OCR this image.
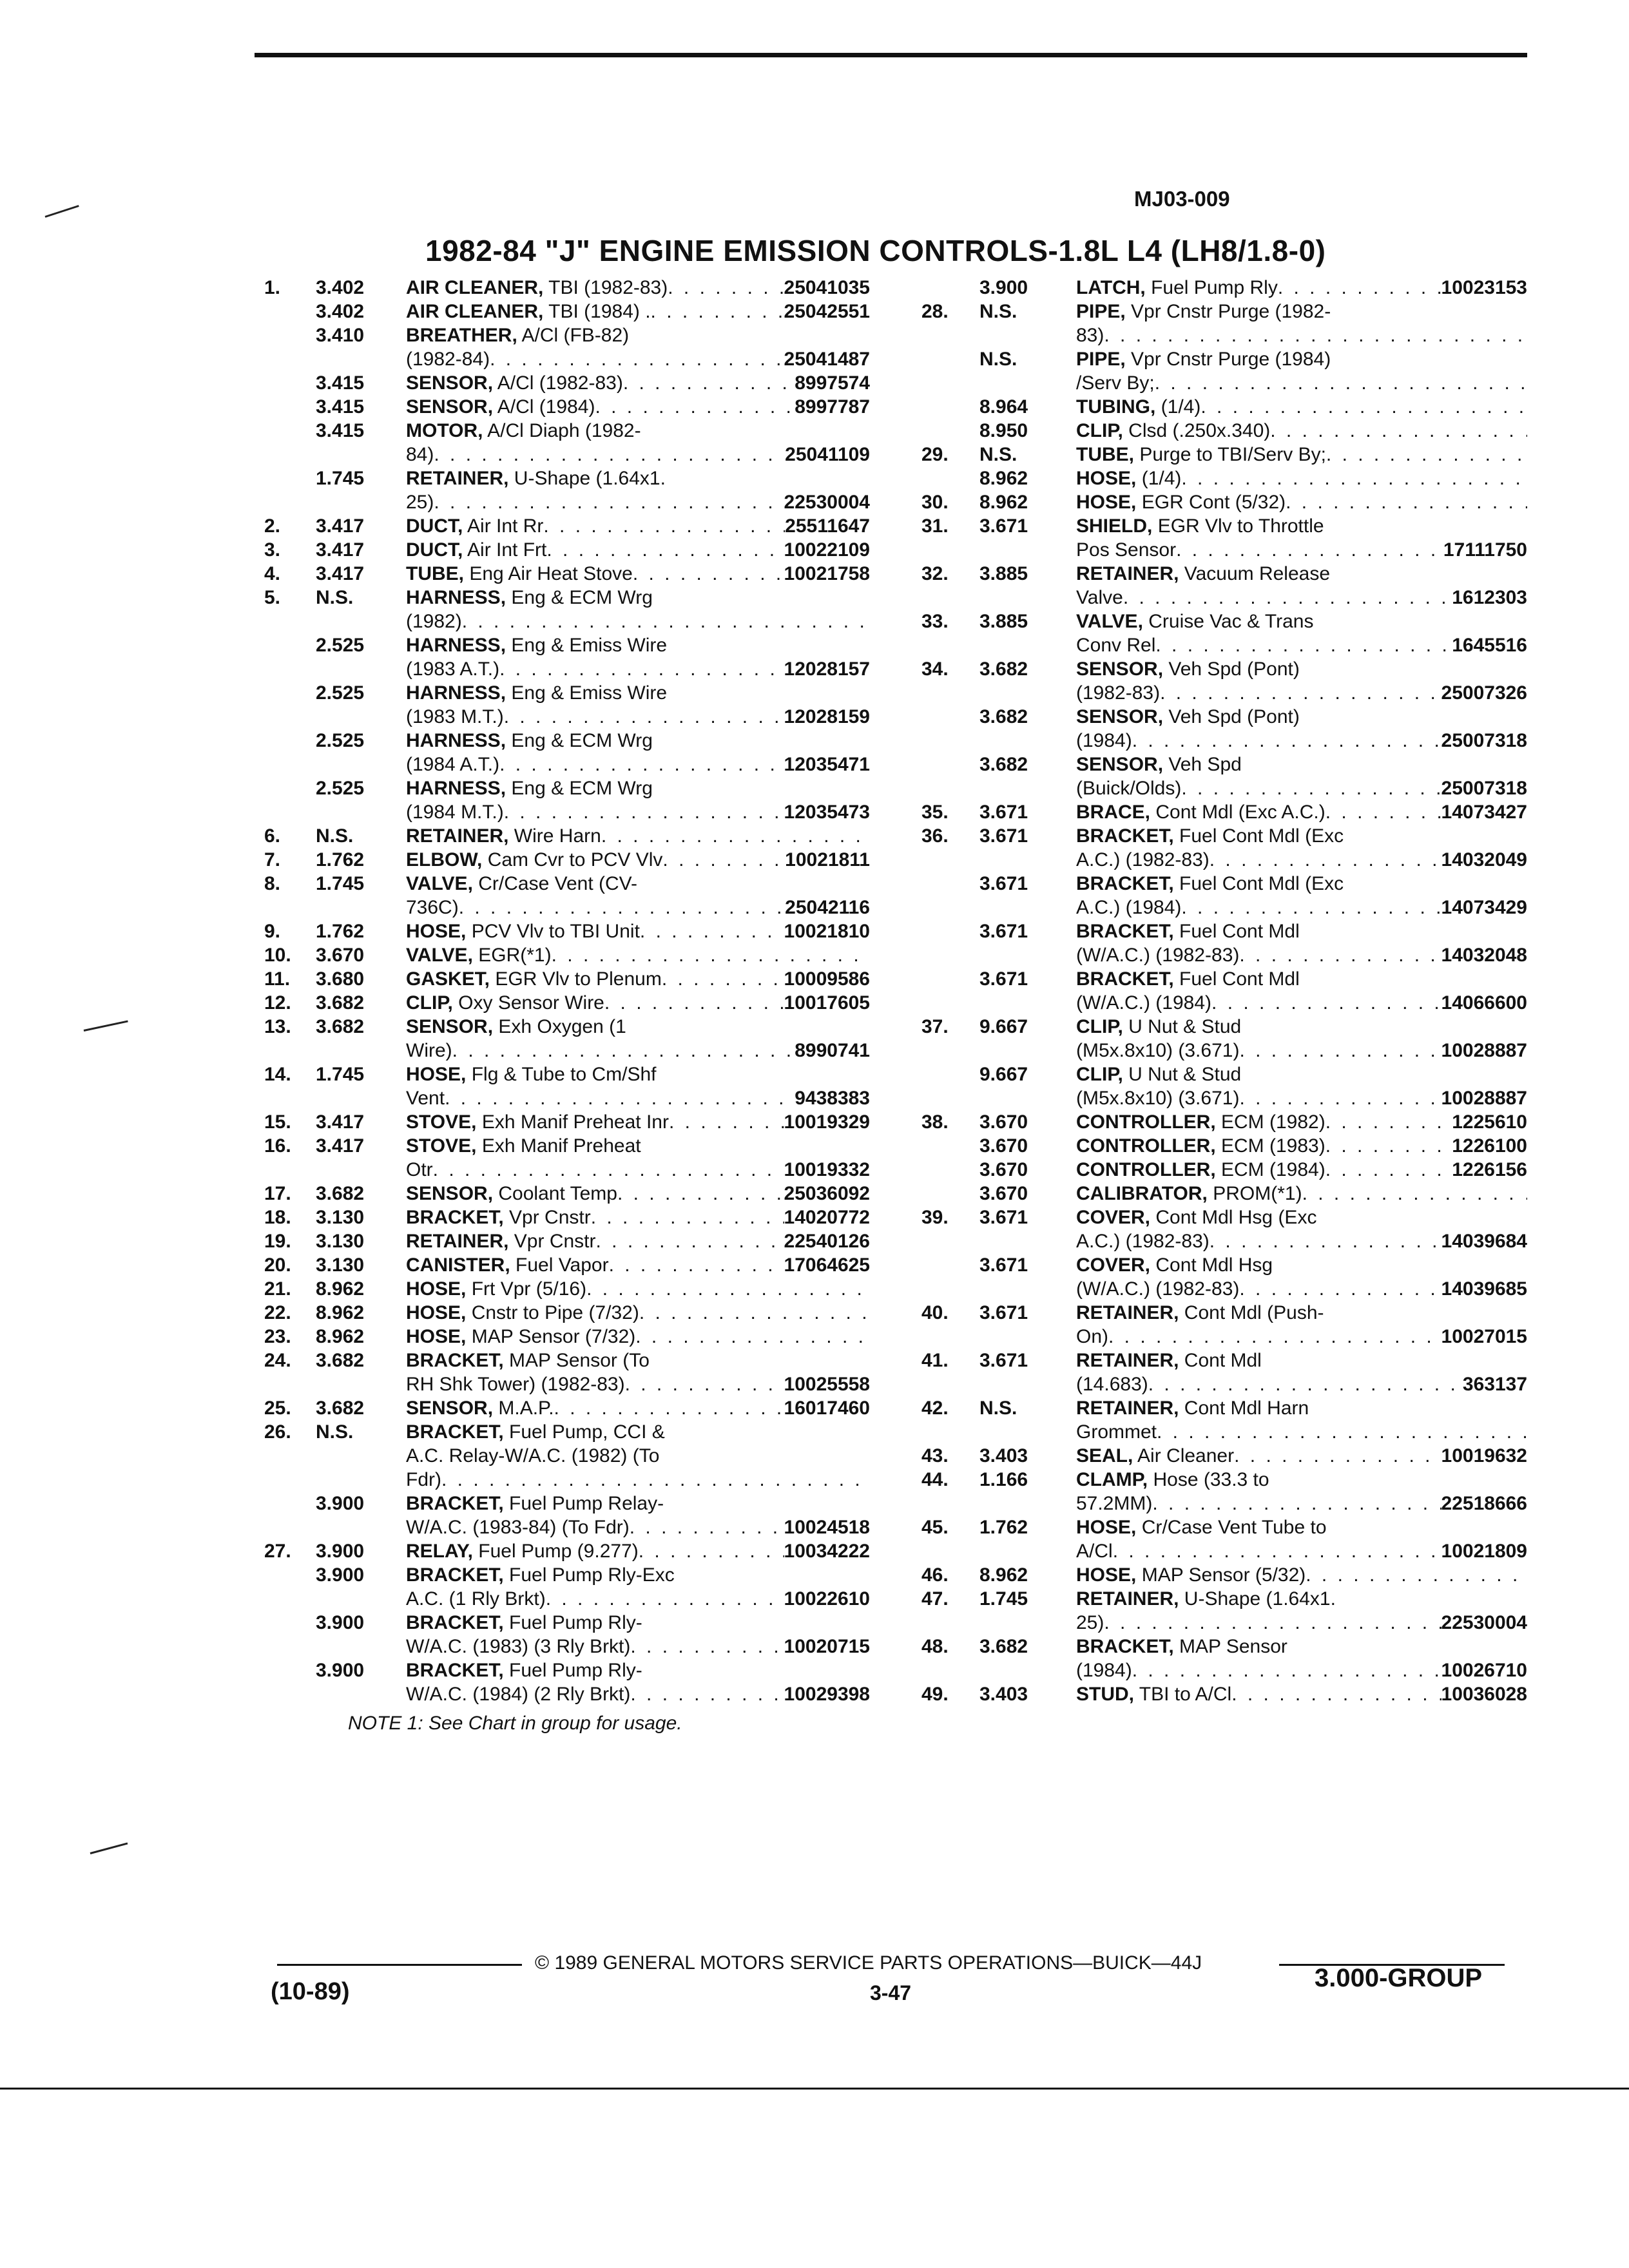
MJ03-009
1982-84 "J" ENGINE EMISSION CONTROLS-1.8L L4 (LH8/1.8-0)
1.	3.402	AIR CLEANER, TBI (1982-83) . . .	25041035
3.402	AIR CLEANER, TBI (1984) . . . .	25042551
3.410	BREATHER, A/Cl (FB-82)
(1982-84) . . .	25041487
3.415	SENSOR, A/Cl (1982-83) . . .	8997574
3.415	SENSOR, A/Cl (1984) . . .	8997787
3.415	MOTOR, A/Cl Diaph (1982-
84) . . .	25041109
1.745	RETAINER, U-Shape (1.64x1.
25) . . .	22530004
2.	3.417	DUCT, Air Int Rr . . .	25511647
3.	3.417	DUCT, Air Int Frt . . .	10022109
4.	3.417	TUBE, Eng Air Heat Stove . . .	10021758
5.	N.S.	HARNESS, Eng & ECM Wrg
(1982)
. . .
2.525	HARNESS, Eng & Emiss Wire
(1983 A.T.) . . .	12028157
2.525	HARNESS, Eng & Emiss Wire
(1983 M.T.) . . .	12028159
2.525	HARNESS, Eng & ECM Wrg
(1984 A.T.) . . .	12035471
2.525	HARNESS, Eng & ECM Wrg
(1984 M.T.) . . .	12035473
6.	N.S.	RETAINER, Wire Harn
. . .
7.	1.762	ELBOW, Cam Cvr to PCV Vlv . . .	10021811
8.	1.745	VALVE, Cr/Case Vent (CV-
736C) . . .	25042116
9.	1.762	HOSE, PCV Vlv to TBI Unit . . .	10021810
10.	3.670	VALVE, EGR(*1)
. . .
11.	3.680	GASKET, EGR Vlv to Plenum . . .	10009586
12.	3.682	CLIP, Oxy Sensor Wire . . .	10017605
13.	3.682	SENSOR, Exh Oxygen (1
Wire) . . .	8990741
14.	1.745	HOSE, Flg & Tube to Cm/Shf
Vent . . .	9438383
15.	3.417	STOVE, Exh Manif Preheat Inr . . .	10019329
16.	3.417	STOVE, Exh Manif Preheat
Otr . . .	10019332
17.	3.682	SENSOR, Coolant Temp . . .	25036092
18.	3.130	BRACKET, Vpr Cnstr . . .	14020772
19.	3.130	RETAINER, Vpr Cnstr . . .	22540126
20.	3.130	CANISTER, Fuel Vapor . . .	17064625
21.	8.962	HOSE, Frt Vpr (5/16)
. . .
22.	8.962	HOSE, Cnstr to Pipe (7/32)
. . .
23.	8.962	HOSE, MAP Sensor (7/32)
. . .
24.	3.682	BRACKET, MAP Sensor (To
RH Shk Tower) (1982-83) . . .	10025558
25.	3.682	SENSOR, M.A.P. . . .	16017460
26.	N.S.	BRACKET, Fuel Pump, CCI &
A.C. Relay-W/A.C. (1982) (To
Fdr)
. . .
3.900	BRACKET, Fuel Pump Relay-
W/A.C. (1983-84) (To Fdr) . . .	10024518
27.	3.900	RELAY, Fuel Pump (9.277) . . .	10034222
3.900	BRACKET, Fuel Pump Rly-Exc
A.C. (1 Rly Brkt) . . .	10022610
3.900	BRACKET, Fuel Pump Rly-
W/A.C. (1983) (3 Rly Brkt) . . .	10020715
3.900	BRACKET, Fuel Pump Rly-
W/A.C. (1984) (2 Rly Brkt) . . .	10029398
NOTE 1: See Chart in group for usage.
3.900	LATCH, Fuel Pump Rly . . .	10023153
28.	N.S.	PIPE, Vpr Cnstr Purge (1982-
83)
. . .
N.S.	PIPE, Vpr Cnstr Purge (1984)
/Serv By;
. . .
8.964	TUBING, (1/4)
. . .
8.950	CLIP, Clsd (.250x.340)
. . .
29.	N.S.	TUBE, Purge to TBI/Serv By;
. . .
8.962	HOSE, (1/4)
. . .
30.	8.962	HOSE, EGR Cont (5/32)
. . .
31.	3.671	SHIELD, EGR Vlv to Throttle
Pos Sensor . . .	17111750
32.	3.885	RETAINER, Vacuum Release
Valve . . .	1612303
33.	3.885	VALVE, Cruise Vac & Trans
Conv Rel . . .	1645516
34.	3.682	SENSOR, Veh Spd (Pont)
(1982-83) . . .	25007326
3.682	SENSOR, Veh Spd (Pont)
(1984) . . .	25007318
3.682	SENSOR, Veh Spd
(Buick/Olds) . . .	25007318
35.	3.671	BRACE, Cont Mdl (Exc A.C.) . . .	14073427
36.	3.671	BRACKET, Fuel Cont Mdl (Exc
A.C.) (1982-83) . . .	14032049
3.671	BRACKET, Fuel Cont Mdl (Exc
A.C.) (1984) . . .	14073429
3.671	BRACKET, Fuel Cont Mdl
(W/A.C.) (1982-83) . . .	14032048
3.671	BRACKET, Fuel Cont Mdl
(W/A.C.) (1984) . . .	14066600
37.	9.667	CLIP, U Nut & Stud
(M5x.8x10) (3.671) . . .	10028887
9.667	CLIP, U Nut & Stud
(M5x.8x10) (3.671) . . .	10028887
38.	3.670	CONTROLLER, ECM (1982) . . .	1225610
3.670	CONTROLLER, ECM (1983) . . .	1226100
3.670	CONTROLLER, ECM (1984) . . .	1226156
3.670	CALIBRATOR, PROM(*1)
. . .
39.	3.671	COVER, Cont Mdl Hsg (Exc
A.C.) (1982-83) . . .	14039684
3.671	COVER, Cont Mdl Hsg
(W/A.C.) (1982-83) . . .	14039685
40.	3.671	RETAINER, Cont Mdl (Push-
On) . . .	10027015
41.	3.671	RETAINER, Cont Mdl
(14.683) . . .	363137
42.	N.S.	RETAINER, Cont Mdl Harn
Grommet
. . .
43.	3.403	SEAL, Air Cleaner . . .	10019632
44.	1.166	CLAMP, Hose (33.3 to
57.2MM) . . .	22518666
45.	1.762	HOSE, Cr/Case Vent Tube to
A/Cl . . .	10021809
46.	8.962	HOSE, MAP Sensor (5/32)
. . .
47.	1.745	RETAINER, U-Shape (1.64x1.
25) . . .	22530004
48.	3.682	BRACKET, MAP Sensor
(1984) . . .	10026710
49.	3.403	STUD, TBI to A/Cl . . .	10036028
© 1989 GENERAL MOTORS SERVICE PARTS OPERATIONS—BUICK—44J
(10-89)	3-47
3.000-GROUP
